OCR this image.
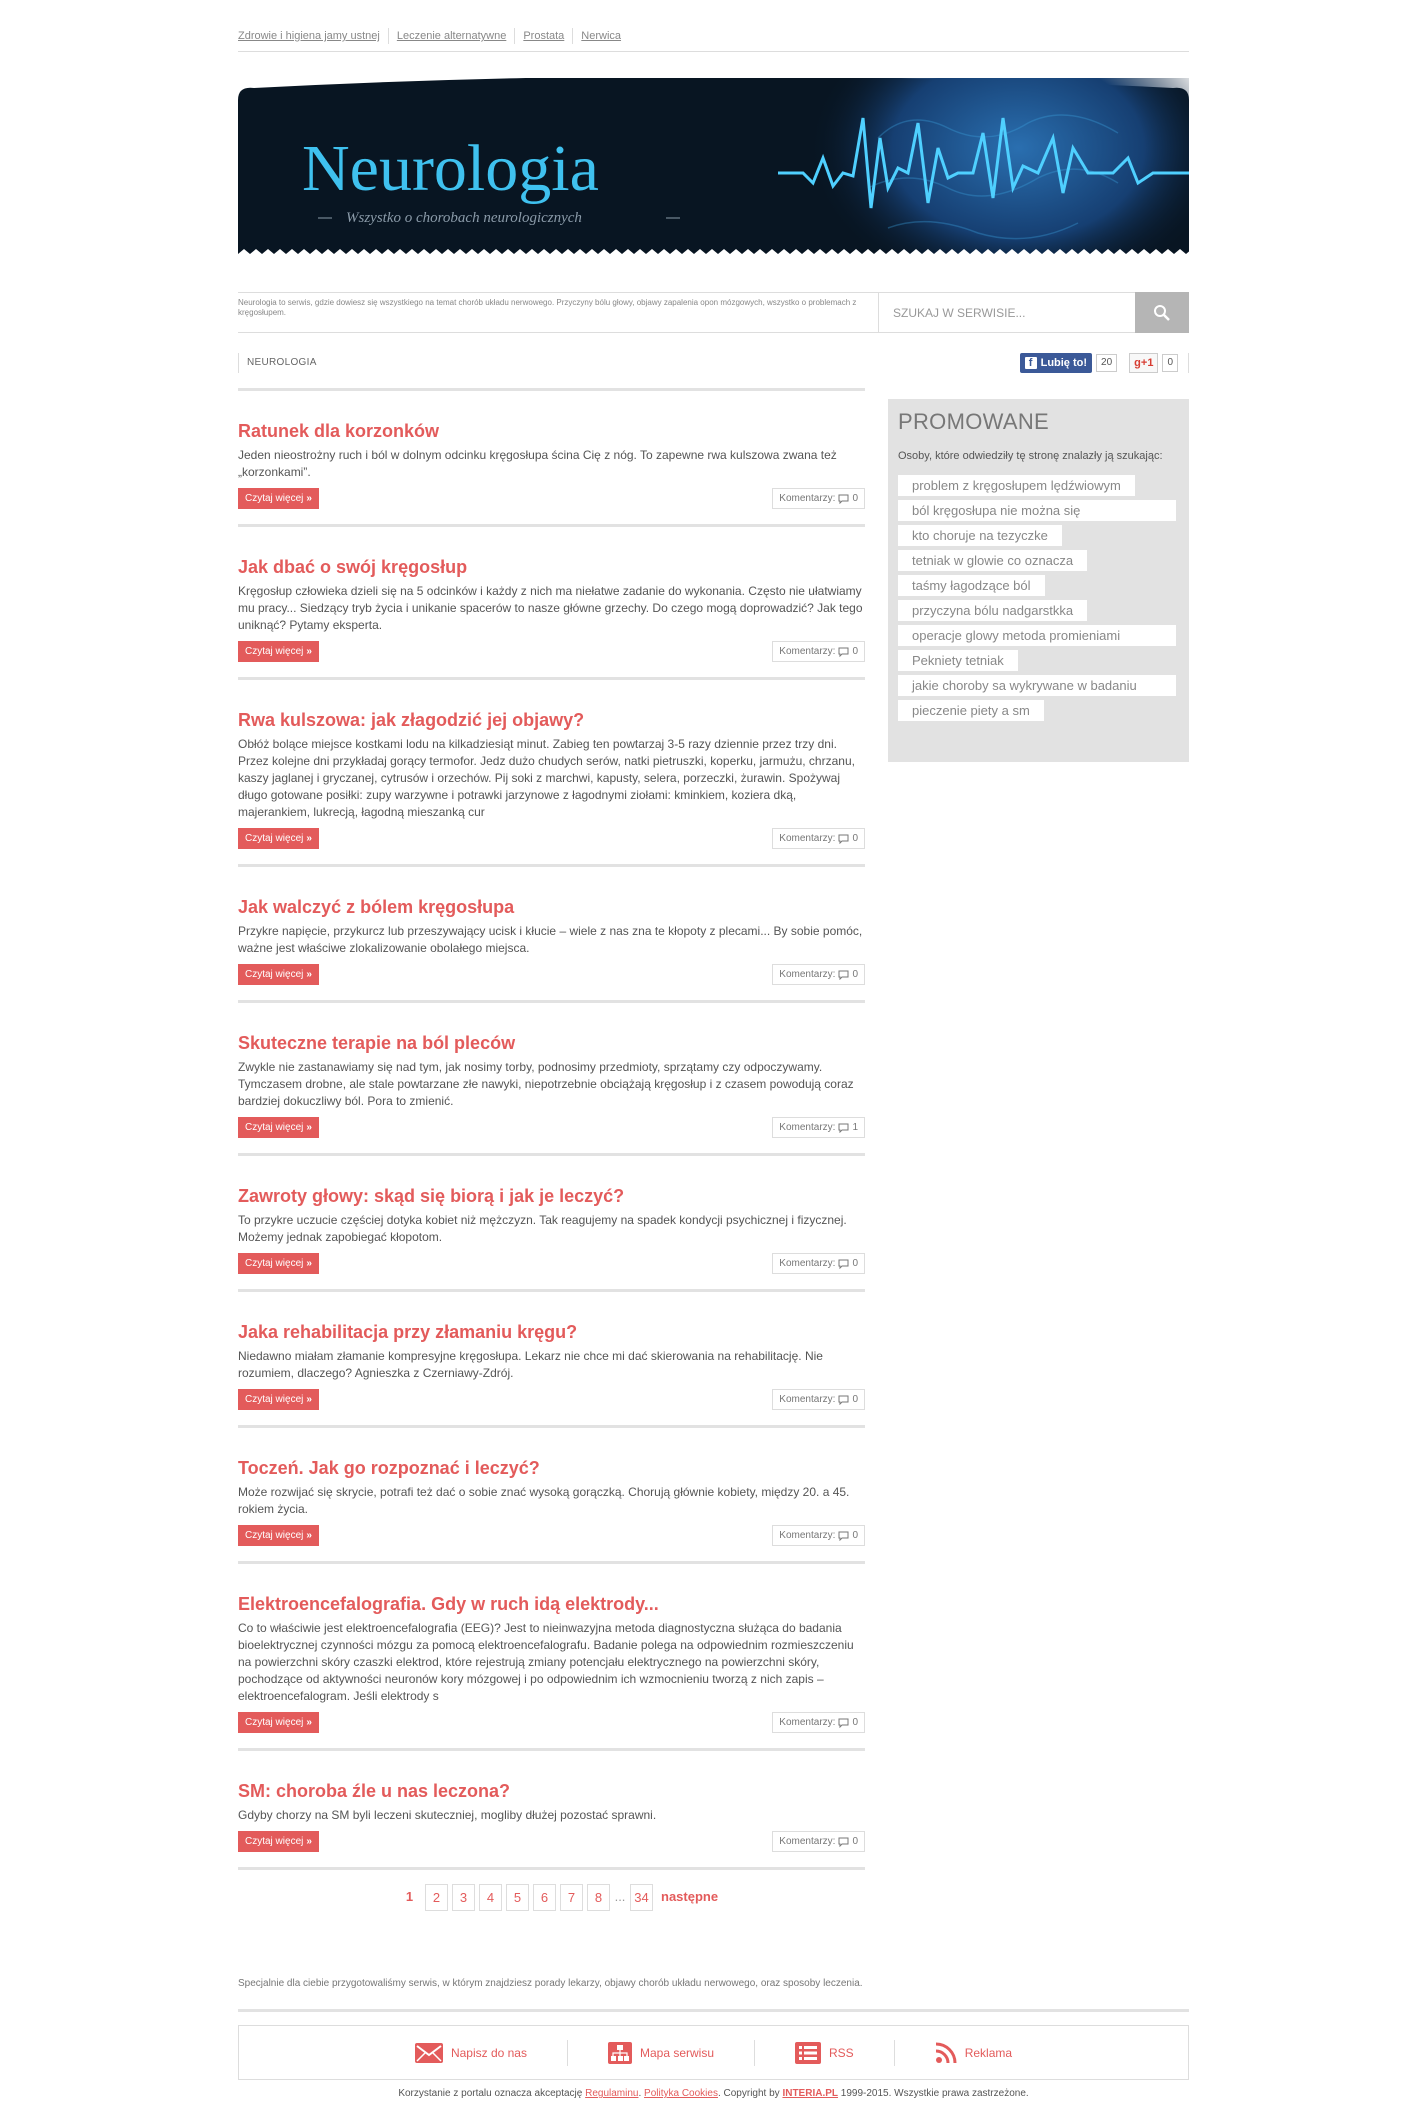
Zdrowie i higiena jamy ustnej	Leczenie alternatywne	Prostata	Nerwica
Neurologia
Wszystko o chorobach neurologicznych
Neurologia to serwis, gdzie dowiesz się wszystkiego na temat chorób układu nerwowego. Przyczyny bólu głowy, objawy zapalenia opon mózgowych, wszystko o problemach z kręgosłupem.
SZUKAJ W SERWISIE...
NEUROLOGIA	f Lubię to!	20	g +1	0
Ratunek dla korzonków

Jeden nieostrożny ruch i ból w dolnym odcinku kręgosłupa ścina Cię z nóg. To zapewne rwa kulszowa zwana też „korzonkami”.

Czytaj więcej »	Komentarzy: 0
Jak dbać o swój kręgosłup

Kręgosłup człowieka dzieli się na 5 odcinków i każdy z nich ma niełatwe zadanie do wykonania. Często nie ułatwiamy mu pracy... Siedzący tryb życia i unikanie spacerów to nasze główne grzechy. Do czego mogą doprowadzić? Jak tego uniknąć? Pytamy eksperta.

Czytaj więcej »	Komentarzy: 0
Rwa kulszowa: jak złagodzić jej objawy?

Obłóż bolące miejsce kostkami lodu na kilkadziesiąt minut. Zabieg ten powtarzaj 3-5 razy dziennie przez trzy dni. Przez kolejne dni przykładaj gorący termofor. Jedz dużo chudych serów, natki pietruszki, koperku, jarmużu, chrzanu, kaszy jaglanej i gryczanej, cytrusów i orzechów. Pij soki z marchwi, kapusty, selera, porzeczki, żurawin. Spożywaj długo gotowane posiłki: zupy warzywne i potrawki jarzynowe z łagodnymi ziołami: kminkiem, koziera dką, majerankiem, lukrecją, łagodną mieszanką cur

Czytaj więcej »	Komentarzy: 0
Jak walczyć z bólem kręgosłupa

Przykre napięcie, przykurcz lub przeszywający ucisk i kłucie – wiele z nas zna te kłopoty z plecami... By sobie pomóc, ważne jest właściwe zlokalizowanie obolałego miejsca.

Czytaj więcej »	Komentarzy: 0
Skuteczne terapie na ból pleców

Zwykle nie zastanawiamy się nad tym, jak nosimy torby, podnosimy przedmioty, sprzątamy czy odpoczywamy. Tymczasem drobne, ale stale powtarzane złe nawyki, niepotrzebnie obciążają kręgosłup i z czasem powodują coraz bardziej dokuczliwy ból. Pora to zmienić.

Czytaj więcej »	Komentarzy: 1
Zawroty głowy: skąd się biorą i jak je leczyć?

To przykre uczucie częściej dotyka kobiet niż mężczyzn. Tak reagujemy na spadek kondycji psychicznej i fizycznej. Możemy jednak zapobiegać kłopotom.

Czytaj więcej »	Komentarzy: 0
Jaka rehabilitacja przy złamaniu kręgu?

Niedawno miałam złamanie kompresyjne kręgosłupa. Lekarz nie chce mi dać skierowania na rehabilitację. Nie rozumiem, dlaczego? Agnieszka z Czerniawy-Zdrój.

Czytaj więcej »	Komentarzy: 0
Toczeń. Jak go rozpoznać i leczyć?

Może rozwijać się skrycie, potrafi też dać o sobie znać wysoką gorączką. Chorują głównie kobiety, między 20. a 45. rokiem życia.

Czytaj więcej »	Komentarzy: 0
Elektroencefalografia. Gdy w ruch idą elektrody...

Co to właściwie jest elektroencefalografia (EEG)? Jest to nieinwazyjna metoda diagnostyczna służąca do badania bioelektrycznej czynności mózgu za pomocą elektroencefalografu. Badanie polega na odpowiednim rozmieszczeniu na powierzchni skóry czaszki elektrod, które rejestrują zmiany potencjału elektrycznego na powierzchni skóry, pochodzące od aktywności neuronów kory mózgowej i po odpowiednim ich wzmocnieniu tworzą z nich zapis – elektroencefalogram. Jeśli elektrody s

Czytaj więcej »	Komentarzy: 0
SM: choroba źle u nas leczona?

Gdyby chorzy na SM byli leczeni skuteczniej, mogliby dłużej pozostać sprawni.

Czytaj więcej »	Komentarzy: 0
1	2	3	4	5	6	7	8 ... 34 następne
PROMOWANE
Osoby, które odwiedziły tę stronę znalazły ją szukając:
problem z kręgosłupem lędźwiowym
ból kręgosłupa nie można się
kto choruje na tezyczke
tetniak w glowie co oznacza
taśmy łagodzące ból
przyczyna bólu nadgarstkka
operacje glowy metoda promieniami
Pekniety tetniak
jakie choroby sa wykrywane w badaniu
pieczenie piety a sm
Specjalnie dla ciebie przygotowaliśmy serwis, w którym znajdziesz porady lekarzy, objawy chorób układu nerwowego, oraz sposoby leczenia.
Napisz do nas	Mapa serwisu	RSS	Reklama
Korzystanie z portalu oznacza akceptację Regulaminu. Polityka Cookies. Copyright by INTERIA.PL 1999-2015. Wszystkie prawa zastrzeżone.
